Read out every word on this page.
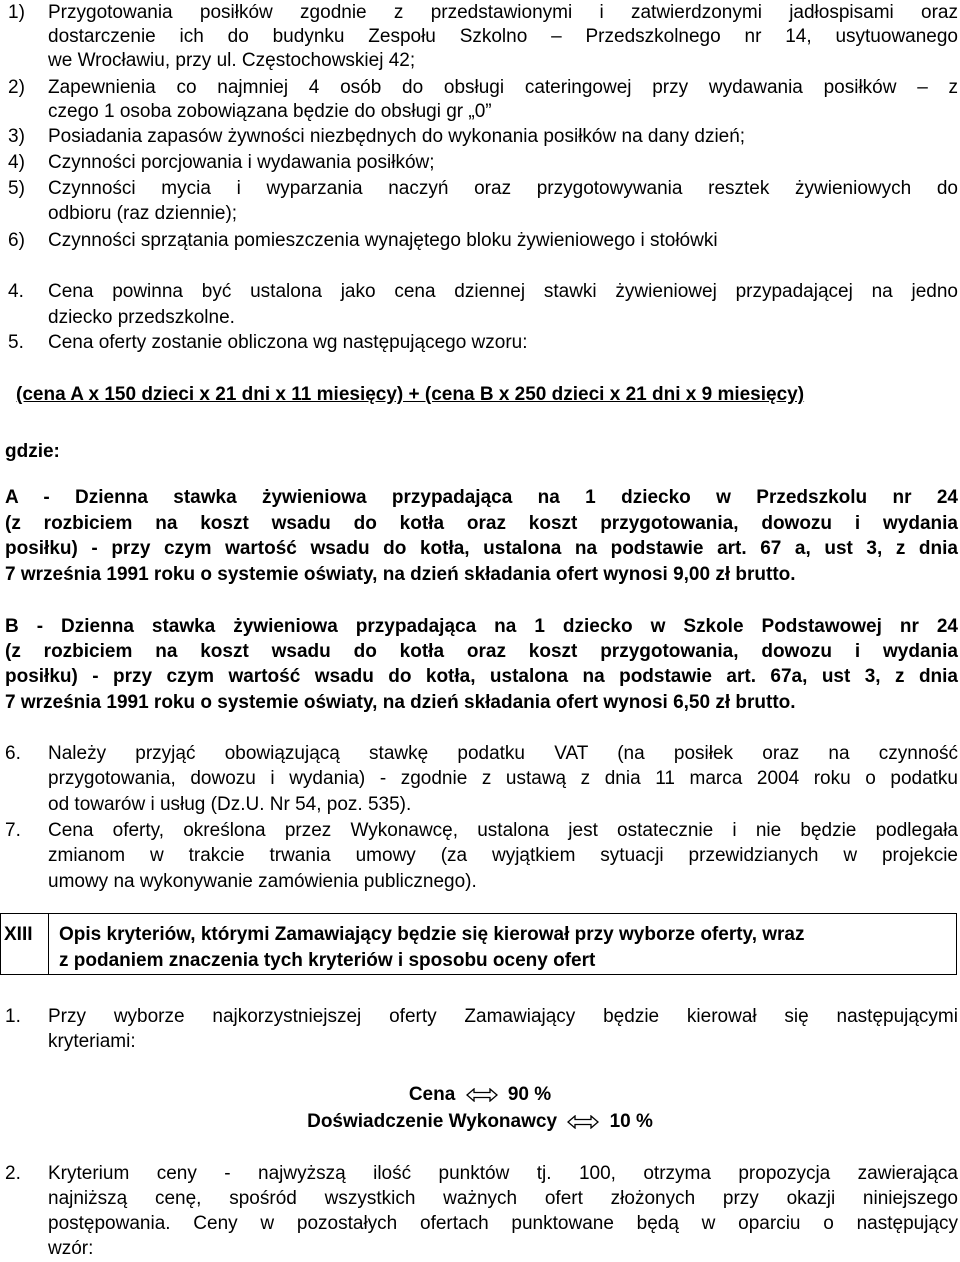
1) Przygotowania posiłków zgodnie z przedstawionymi i zatwierdzonymi jadłospisami oraz
dostarczenie ich do budynku Zespołu Szkolno – Przedszkolnego nr 14, usytuowanego
we Wrocławiu, przy ul. Częstochowskiej 42;
2) Zapewnienia co najmniej 4 osób do obsługi cateringowej przy wydawania posiłków – z
czego 1 osoba zobowiązana będzie do obsługi gr „0”
3) Posiadania zapasów żywności niezbędnych do wykonania posiłków na dany dzień;
4) Czynności porcjowania i wydawania posiłków;
5) Czynności mycia i wyparzania naczyń oraz przygotowywania resztek żywieniowych do
odbioru (raz dziennie);
6) Czynności sprzątania pomieszczenia wynajętego bloku żywieniowego i stołówki
4. Cena powinna być ustalona jako cena dziennej stawki żywieniowej przypadającej na jedno
dziecko przedszkolne.
5. Cena oferty zostanie obliczona wg następującego wzoru:
(cena A x 150 dzieci x 21 dni x 11 miesięcy) + (cena B x 250 dzieci x 21 dni x 9 miesięcy)
gdzie:
A - Dzienna stawka żywieniowa przypadająca na 1 dziecko w Przedszkolu nr 24
(z rozbiciem na koszt wsadu do kotła oraz koszt przygotowania, dowozu i wydania
posiłku) - przy czym wartość wsadu do kotła, ustalona na podstawie art. 67 a, ust 3, z dnia
7 września 1991 roku o systemie oświaty, na dzień składania ofert wynosi 9,00 zł brutto.
B - Dzienna stawka żywieniowa przypadająca na 1 dziecko w Szkole Podstawowej nr 24
(z rozbiciem na koszt wsadu do kotła oraz koszt przygotowania, dowozu i wydania
posiłku) - przy czym wartość wsadu do kotła, ustalona na podstawie art. 67a, ust 3, z dnia
7 września 1991 roku o systemie oświaty, na dzień składania ofert wynosi 6,50 zł brutto.
6. Należy przyjąć obowiązującą stawkę podatku VAT (na posiłek oraz na czynność
przygotowania, dowozu i wydania) - zgodnie z ustawą z dnia 11 marca 2004 roku o podatku
od towarów i usług (Dz.U. Nr 54, poz. 535).
7. Cena oferty, określona przez Wykonawcę, ustalona jest ostatecznie i nie będzie podlegała
zmianom w trakcie trwania umowy (za wyjątkiem sytuacji przewidzianych w projekcie
umowy na wykonywanie zamówienia publicznego).
XIII Opis kryteriów, którymi Zamawiający będzie się kierował przy wyborze oferty, wraz
z podaniem znaczenia tych kryteriów i sposobu oceny ofert
1. Przy wyborze najkorzystniejszej oferty Zamawiający będzie kierował się następującymi
kryteriami:
Cena	90 %
Doświadczenie Wykonawcy	10 %
2. Kryterium ceny - najwyższą ilość punktów tj. 100, otrzyma propozycja zawierająca
najniższą cenę, spośród wszystkich ważnych ofert złożonych przy okazji niniejszego
postępowania. Ceny w pozostałych ofertach punktowane będą w oparciu o następujący
wzór:
